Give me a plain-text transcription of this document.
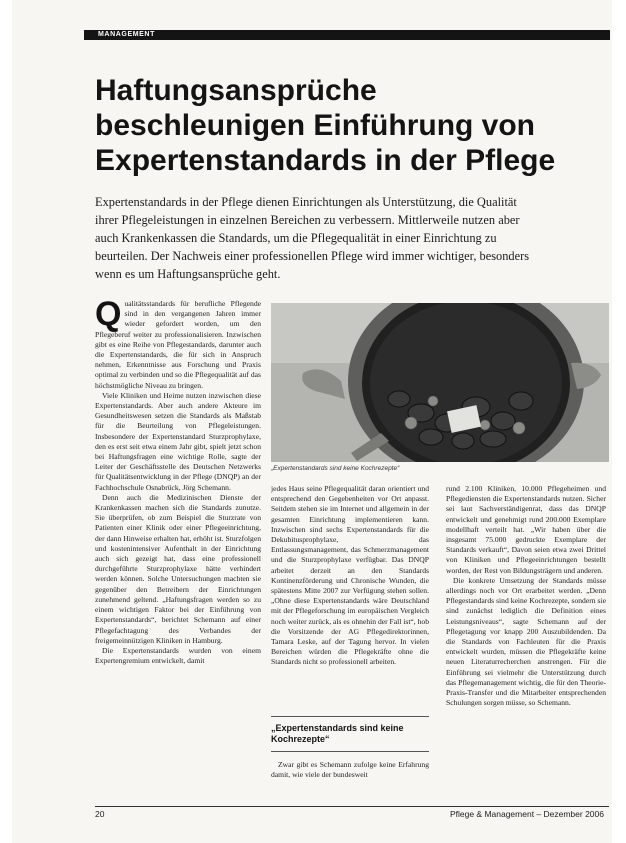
MANAGEMENT
Haftungsansprüche
beschleunigen Einführung von
Expertenstandards in der Pflege

Expertenstandards in der Pflege dienen Einrichtungen als Unterstützung, die Qualität
ihrer Pflegeleistungen in einzelnen Bereichen zu verbessern. Mittlerweile nutzen aber
auch Krankenkassen die Standards, um die Pflegequalität in einer Einrichtung zu
beurteilen. Der Nachweis einer professionellen Pflege wird immer wichtiger, besonders
wenn es um Haftungsansprüche geht.

Qualitätsstandards für berufliche Pflegende sind in den vergangenen Jahren immer wieder gefordert worden, um den Pflegeberuf weiter zu professionalisieren. Inzwischen gibt es eine Reihe von Pflegestandards, darunter auch die Expertenstandards, die für sich in Anspruch nehmen, Erkenntnisse aus Forschung und Praxis optimal zu verbinden und so die Pflegequalität auf das höchstmögliche Niveau zu bringen.

Viele Kliniken und Heime nutzen inzwischen diese Expertenstandards. Aber auch andere Akteure im Gesundheitswesen setzen die Standards als Maßstab für die Beurteilung von Pflegeleistungen. Insbesondere der Expertenstandard Sturzprophylaxe, den es erst seit etwa einem Jahr gibt, spielt jetzt schon bei Haftungsfragen eine wichtige Rolle, sagte der Leiter der Geschäftsstelle des Deutschen Netzwerks für Qualitätsentwicklung in der Pflege (DNQP) an der Fachhochschule Osnabrück, Jörg Schemann.

Denn auch die Medizinischen Dienste der Krankenkassen machen sich die Standards zunutze. Sie überprüfen, ob zum Beispiel die Sturzrate von Patienten einer Klinik oder einer Pflegeeinrichtung, der dann Hinweise erhalten hat, erhöht ist. Sturzfolgen und kostenintensiver Aufenthalt in der Einrichtung auch sich gezeigt hat, dass eine professionell durchgeführte Sturzprophylaxe hätte verhindert werden können. Solche Untersuchungen machten sie gegenüber den Betreibern der Einrichtungen zunehmend geltend. „Haftungsfragen werden so zu einem wichtigen Faktor bei der Einführung von Expertenstandards“, berichtet Schemann auf einer Pflegefachtagung des Verbandes der freigemeinnützigen Kliniken in Hamburg.

Die Expertenstandards wurden von einem Expertengremium entwickelt, damit

„Expertenstandards sind keine Kochrezepte“

jedes Haus seine Pflegequalität daran orientiert und entsprechend den Gegebenheiten vor Ort anpasst. Seitdem stehen sie im Internet und allgemein in der gesamten Einrichtung implementieren kann. Inzwischen sind sechs Expertenstandards für die Dekubitusprophylaxe, das Entlassungsmanagement, das Schmerzmanagement und die Sturzprophylaxe verfügbar. Das DNQP arbeitet derzeit an den Standards Kontinenzförderung und Chronische Wunden, die spätestens Mitte 2007 zur Verfügung stehen sollen. „Ohne diese Expertenstandards wäre Deutschland mit der Pflegeforschung im europäischen Vergleich noch weiter zurück, als es ohnehin der Fall ist“, hob die Vorsitzende der AG Pflegedirektorinnen, Tamara Leske, auf der Tagung hervor. In vielen Bereichen würden die Pflegekräfte ohne die Standards nicht so professionell arbeiten.

„Expertenstandards sind keine Kochrezepte“

Zwar gibt es Schemann zufolge keine Erfahrung damit, wie viele der bundesweit

rund 2.100 Kliniken, 10.000 Pflegeheimen und Pflegediensten die Expertenstandards nutzen. Sicher sei laut Sachverständigenrat, dass das DNQP entwickelt und genehmigt rund 200.000 Exemplare modellhaft verteilt hat. „Wir haben über die insgesamt 75.000 gedruckte Exemplare der Standards verkauft“, Davon seien etwa zwei Drittel von Kliniken und Pflegeeinrichtungen bestellt worden, der Rest von Bildungsträgern und anderen.

Die konkrete Umsetzung der Standards müsse allerdings noch vor Ort erarbeitet werden. „Denn Pflegestandards sind keine Kochrezepte, sondern sie sind zunächst lediglich die Definition eines Leistungsniveaus“, sagte Schemann auf der Pflegetagung vor knapp 200 Auszubildenden. Da die Standards von Fachleuten für die Praxis entwickelt wurden, müssen die Pflegekräfte keine neuen Literaturrecherchen anstrengen. Für die Einführung sei vielmehr die Unterstützung durch das Pflegemanagement wichtig, die für den Theorie-Praxis-Transfer und die Mitarbeiter entsprechenden Schulungen sorgen müsse, so Schemann.

20	Pflege & Management – Dezember 2006
